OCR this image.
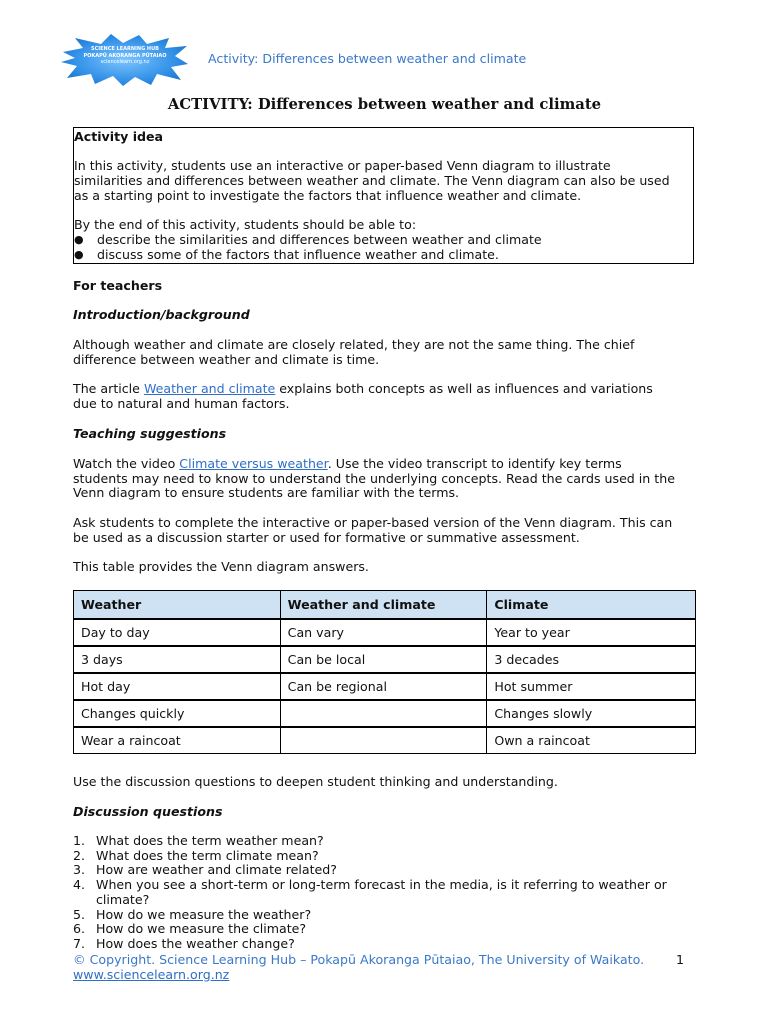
SCIENCE LEARNING HUB
POKAPŪ AKORANGA PŪTAIAO
sciencelearn.org.nz	Activity: Differences between weather and climate
ACTIVITY: Differences between weather and climate
Activity idea
In this activity, students use an interactive or paper-based Venn diagram to illustrate
similarities and differences between weather and climate. The Venn diagram can also be used
as a starting point to investigate the factors that influence weather and climate.
By the end of this activity, students should be able to:
●	describe the similarities and differences between weather and climate
●	discuss some of the factors that influence weather and climate.
For teachers
Introduction/background
Although weather and climate are closely related, they are not the same thing. The chief
difference between weather and climate is time.
The article Weather and climate explains both concepts as well as influences and variations
due to natural and human factors.
Teaching suggestions
Watch the video Climate versus weather. Use the video transcript to identify key terms
students may need to know to understand the underlying concepts. Read the cards used in the
Venn diagram to ensure students are familiar with the terms.
Ask students to complete the interactive or paper-based version of the Venn diagram. This can
be used as a discussion starter or used for formative or summative assessment.
This table provides the Venn diagram answers.
Weather	Weather and climate	Climate
Day to day	Can vary	Year to year
3 days	Can be local	3 decades
Hot day	Can be regional	Hot summer
Changes quickly		Changes slowly
Wear a raincoat		Own a raincoat
Use the discussion questions to deepen student thinking and understanding.
Discussion questions
1. What does the term weather mean?
2. What does the term climate mean?
3. How are weather and climate related?
4. When you see a short-term or long-term forecast in the media, is it referring to weather or
climate?
5. How do we measure the weather?
6. How do we measure the climate?
7. How does the weather change?
© Copyright. Science Learning Hub – Pokapū Akoranga Pūtaiao, The University of Waikato.
www.sciencelearn.org.nz
1
